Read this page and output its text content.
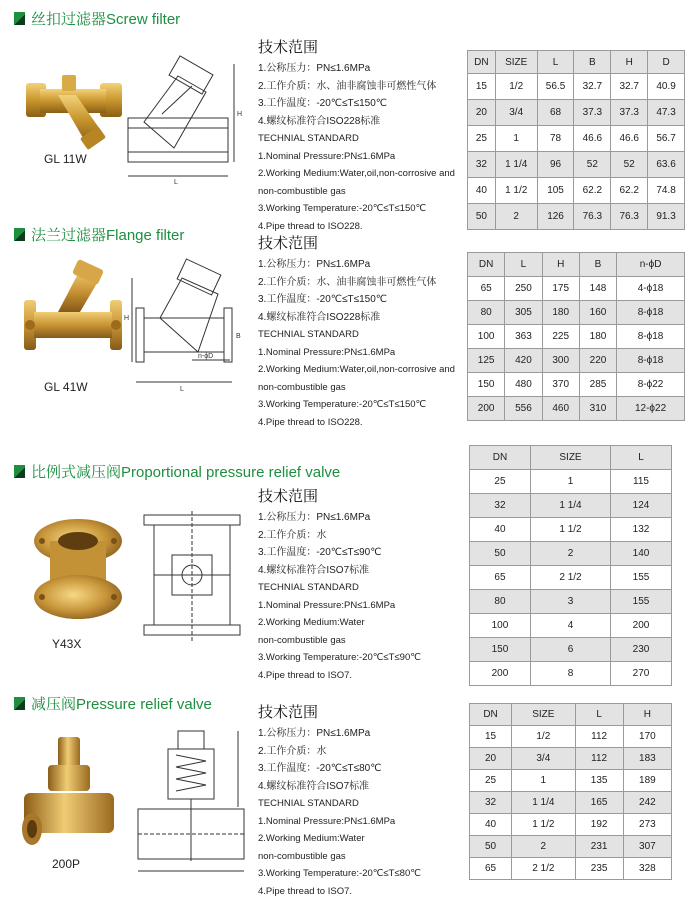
丝扣过滤器Screw filter
GL 11W
H
L
技术范围
1.公称压力：PN≤1.6MPa
2.工作介质：水、油非腐蚀非可燃性气体
3.工作温度：-20℃≤T≤150℃
4.螺纹标准符合ISO228标准
TECHNIAL STANDARD
1.Nominal Pressure:PN≤1.6MPa
2.Working Medium:Water,oil,non-corrosive and
non-combustible gas
3.Working Temperature:-20℃≤T≤150℃
4.Pipe thread to ISO228.
DN	SIZE	L	B	H	D
15	1/2	56.5	32.7	32.7	40.9
20	3/4	68	37.3	37.3	47.3
25	1	78	46.6	46.6	56.7
32	1 1/4	96	52	52	63.6
40	1 1/2	105	62.2	62.2	74.8
50	2	126	76.3	76.3	91.3
法兰过滤器Flange filter
GL 41W
H
L
n-ϕD
B
技术范围
1.公称压力：PN≤1.6MPa
2.工作介质：水、油非腐蚀非可燃性气体
3.工作温度：-20℃≤T≤150℃
4.螺纹标准符合ISO228标准
TECHNIAL STANDARD
1.Nominal Pressure:PN≤1.6MPa
2.Working Medium:Water,oil,non-corrosive and
non-combustible gas
3.Working Temperature:-20℃≤T≤150℃
4.Pipe thread to ISO228.
DN	L	H	B	n-ϕD
65	250	175	148	4-ϕ18
80	305	180	160	8-ϕ18
100	363	225	180	8-ϕ18
125	420	300	220	8-ϕ18
150	480	370	285	8-ϕ22
200	556	460	310	12-ϕ22
比例式减压阀Proportional pressure relief valve
Y43X
技术范围
1.公称压力：PN≤1.6MPa
2.工作介质：水
3.工作温度：-20℃≤T≤90℃
4.螺纹标准符合ISO7标准
TECHNIAL STANDARD
1.Nominal Pressure:PN≤1.6MPa
2.Working Medium:Water
non-combustible gas
3.Working Temperature:-20℃≤T≤90℃
4.Pipe thread to ISO7.
DN	SIZE	L
25	1	115
32	1 1/4	124
40	1 1/2	132
50	2	140
65	2 1/2	155
80	3	155
100	4	200
150	6	230
200	8	270
减压阀Pressure relief valve
200P
技术范围
1.公称压力：PN≤1.6MPa
2.工作介质：水
3.工作温度：-20℃≤T≤80℃
4.螺纹标准符合ISO7标准
TECHNIAL STANDARD
1.Nominal Pressure:PN≤1.6MPa
2.Working Medium:Water
non-combustible gas
3.Working Temperature:-20℃≤T≤80℃
4.Pipe thread to ISO7.
DN	SIZE	L	H
15	1/2	112	170
20	3/4	112	183
25	1	135	189
32	1 1/4	165	242
40	1 1/2	192	273
50	2	231	307
65	2 1/2	235	328
